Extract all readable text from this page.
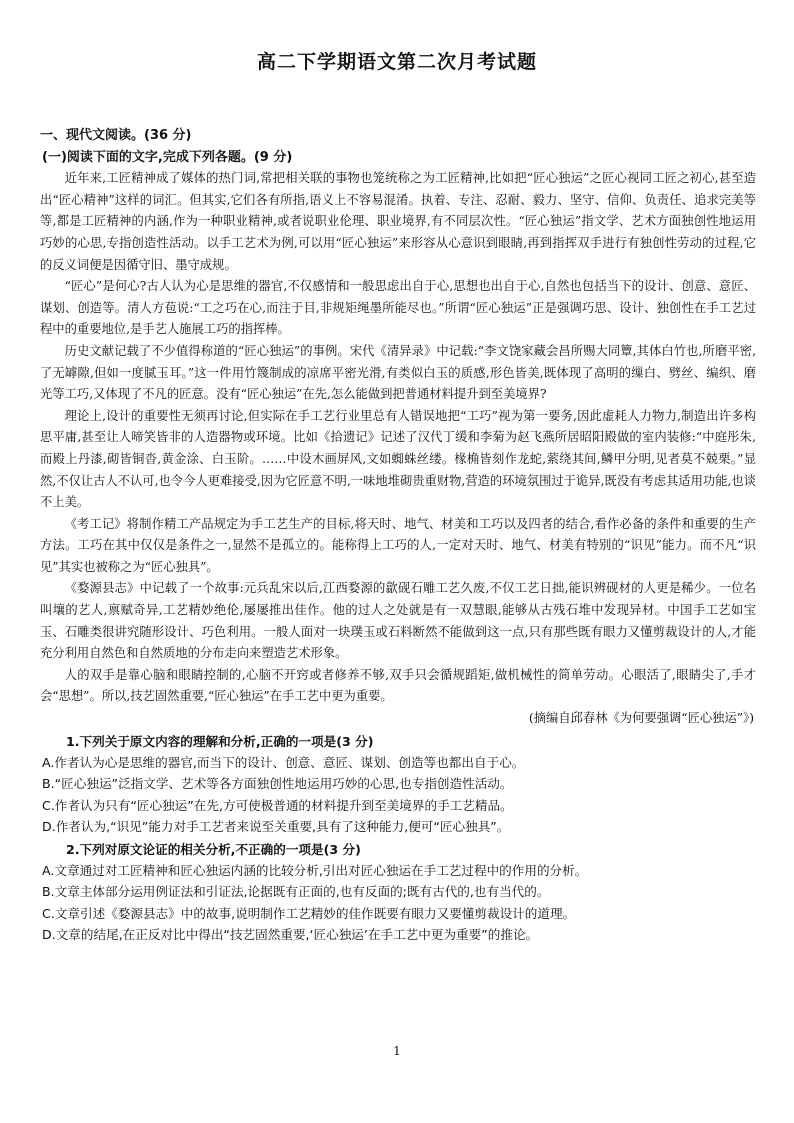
高二下学期语文第二次月考试题

一、现代文阅读。(36 分)

(一)阅读下面的文字,完成下列各题。(9 分)

近年来,工匠精神成了媒体的热门词,常把相关联的事物也笼统称之为工匠精神,比如把“匠心独运”之匠心视同工匠之初心,甚至造出“匠心精神”这样的词汇。但其实,它们各有所指,语义上不容易混淆。执着、专注、忍耐、毅力、坚守、信仰、负责任、追求完美等等,都是工匠精神的内涵,作为一种职业精神,或者说职业伦理、职业境界,有不同层次性。“匠心独运”指文学、艺术方面独创性地运用巧妙的心思,专指创造性活动。以手工艺术为例,可以用“匠心独运”来形容从心意识到眼睛,再到指挥双手进行有独创性劳动的过程,它的反义词便是因循守旧、墨守成规。

“匠心”是何心?古人认为心是思维的器官,不仅感情和一般思虑出自于心,思想也出自于心,自然也包括当下的设计、创意、意匠、谋划、创造等。清人方苞说:“工之巧在心,而注于目,非规矩绳墨所能尽也。”所谓“匠心独运”正是强调巧思、设计、独创性在手工艺过程中的重要地位,是手艺人施展工巧的指挥棒。

历史文献记载了不少值得称道的“匠心独运”的事例。宋代《清异录》中记载:“李文饶家藏会昌所赐大同簟,其体白竹也,所磨平密,了无罅隙,但如一度腻玉耳。”这一件用竹篾制成的凉席平密光滑,有类似白玉的质感,形色皆美,既体现了高明的缫白、劈丝、编织、磨光等工巧,又体现了不凡的匠意。没有“匠心独运”在先,怎么能做到把普通材料提升到至美境界?

理论上,设计的重要性无须再讨论,但实际在手工艺行业里总有人错误地把“工巧”视为第一要务,因此虚耗人力物力,制造出许多构思平庸,甚至让人啼笑皆非的人造器物或环境。比如《拾遗记》记述了汉代丁缓和李菊为赵飞燕所居昭阳殿做的室内装修:“中庭彤朱,而殿上丹漆,砌皆铜沓,黄金涂、白玉阶。……中设木画屏风,文如蜘蛛丝缕。椽桷皆刻作龙蛇,萦绕其间,鳞甲分明,见者莫不兢栗。”显然,不仅让古人不认可,也令今人更难接受,因为它匠意不明,一味地堆砌贵重财物,营造的环境氛围过于诡异,既没有考虑其适用功能,也谈不上美。

《考工记》将制作精工产品规定为手工艺生产的目标,将天时、地气、材美和工巧以及四者的结合,看作必备的条件和重要的生产方法。工巧在其中仅仅是条件之一,显然不是孤立的。能称得上工巧的人,一定对天时、地气、材美有特别的“识见”能力。而不凡“识见”其实也被称之为“匠心独具”。

《婺源县志》中记载了一个故事:元兵乱宋以后,江西婺源的歙砚石雕工艺久废,不仅工艺日拙,能识辨砚材的人更是稀少。一位名叫壤的艺人,禀赋奇异,工艺精妙绝伦,屡屡推出佳作。他的过人之处就是有一双慧眼,能够从古残石堆中发现异材。中国手工艺如宝玉、石雕类很讲究随形设计、巧色利用。一般人面对一块璞玉或石料断然不能做到这一点,只有那些既有眼力又懂剪裁设计的人,才能充分利用自然色和自然质地的分布走向来塑造艺术形象。

人的双手是靠心脑和眼睛控制的,心脑不开窍或者修养不够,双手只会循规蹈矩,做机械性的简单劳动。心眼活了,眼睛尖了,手才会“思想”。所以,技艺固然重要,“匠心独运”在手工艺中更为重要。

(摘编自邱春林《为何要强调“匠心独运”》)

1.下列关于原文内容的理解和分析,正确的一项是(3 分)

A.作者认为心是思维的器官,而当下的设计、创意、意匠、谋划、创造等也都出自于心。

B.“匠心独运”泛指文学、艺术等各方面独创性地运用巧妙的心思,也专指创造性活动。

C.作者认为只有“匠心独运”在先,方可使极普通的材料提升到至美境界的手工艺精品。

D.作者认为,“识见”能力对手工艺者来说至关重要,具有了这种能力,便可“匠心独具”。

2.下列对原文论证的相关分析,不正确的一项是(3 分)

A.文章通过对工匠精神和匠心独运内涵的比较分析,引出对匠心独运在手工艺过程中的作用的分析。

B.文章主体部分运用例证法和引证法,论据既有正面的,也有反面的;既有古代的,也有当代的。

C.文章引述《婺源县志》中的故事,说明制作工艺精妙的佳作既要有眼力又要懂剪裁设计的道理。

D.文章的结尾,在正反对比中得出“技艺固然重要,‘匠心独运’在手工艺中更为重要”的推论。

1
